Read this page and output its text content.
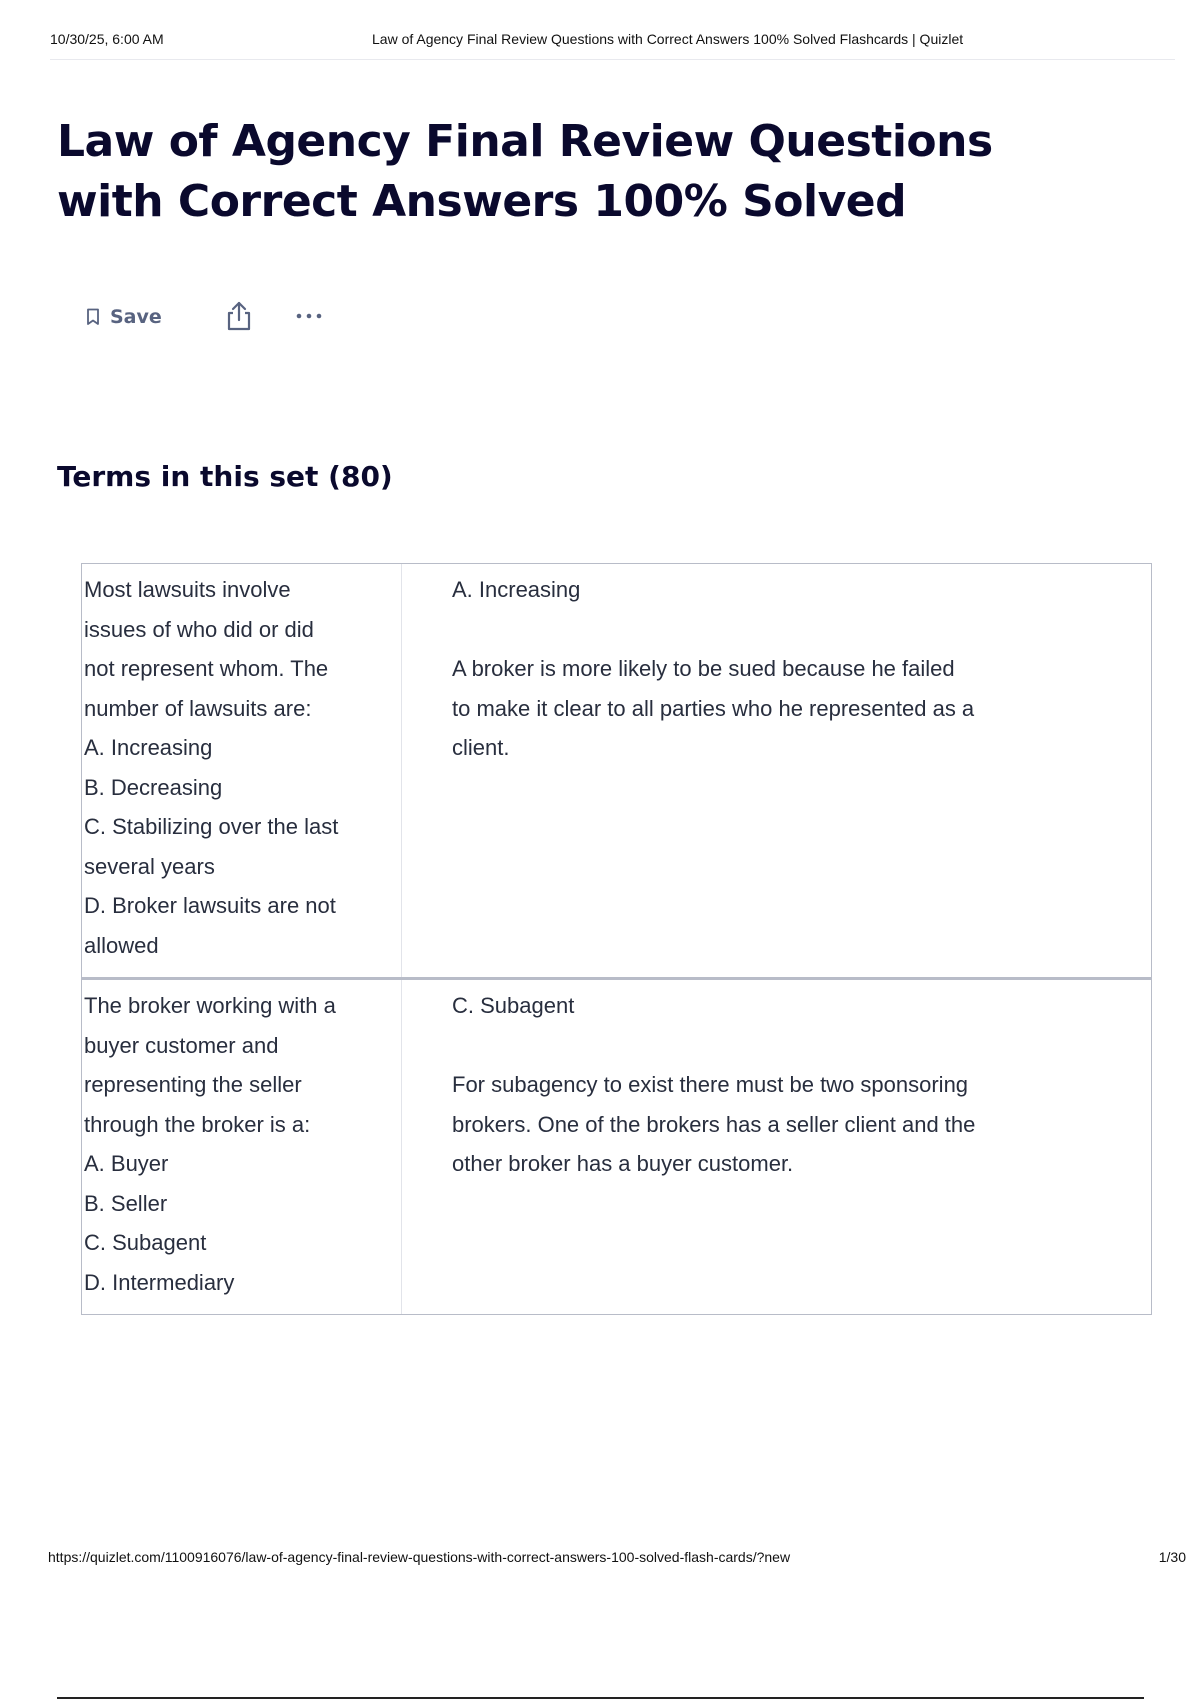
10/30/25, 6:00 AM	Law of Agency Final Review Questions with Correct Answers 100% Solved Flashcards | Quizlet
Law of Agency Final Review Questions with Correct Answers 100% Solved
Save
Terms in this set (80)
Most lawsuits involve
issues of who did or did
not represent whom. The
number of lawsuits are:
A. Increasing
B. Decreasing
C. Stabilizing over the last
several years
D. Broker lawsuits are not
allowed
A. Increasing

A broker is more likely to be sued because he failed
to make it clear to all parties who he represented as a
client.
The broker working with a
buyer customer and
representing the seller
through the broker is a:
A. Buyer
B. Seller
C. Subagent
D. Intermediary
C. Subagent

For subagency to exist there must be two sponsoring
brokers. One of the brokers has a seller client and the
other broker has a buyer customer.
https://quizlet.com/1100916076/law-of-agency-final-review-questions-with-correct-answers-100-solved-flash-cards/?new	1/30
